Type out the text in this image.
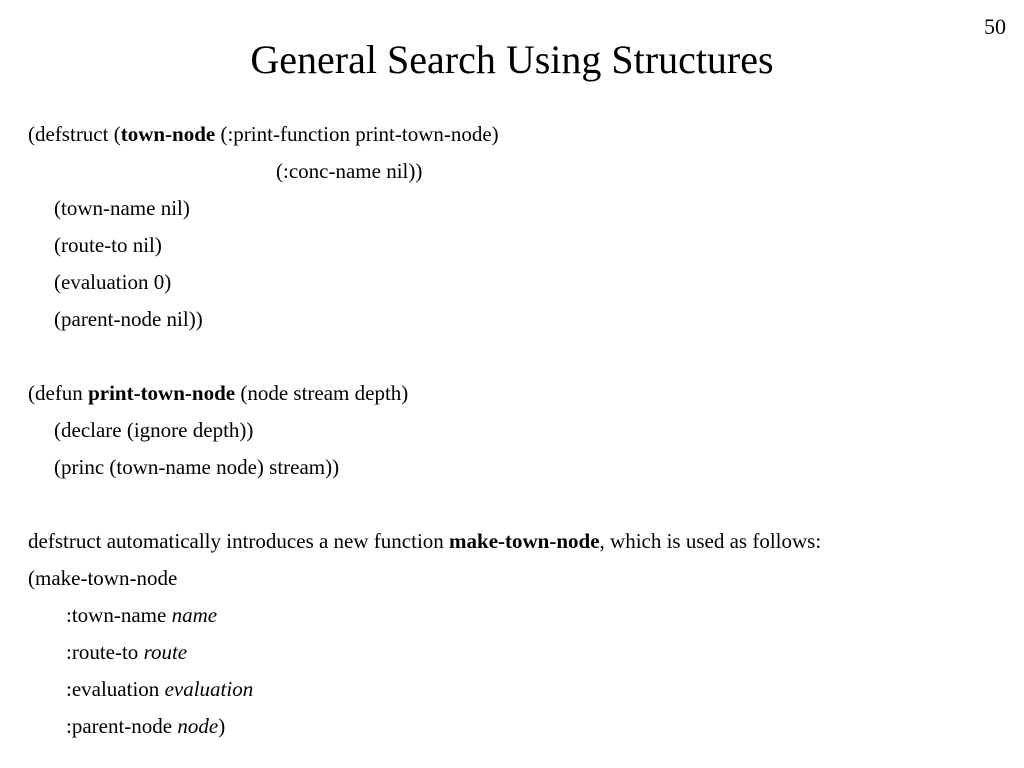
50
General Search Using Structures
(defstruct (town-node (:print-function print-town-node)
(:conc-name nil))
(town-name nil)
(route-to nil)
(evaluation 0)
(parent-node nil))
(defun print-town-node (node stream depth)
(declare (ignore depth))
(princ (town-name node) stream))
defstruct automatically introduces a new function make-town-node, which is used as follows:
(make-town-node
:town-name name
:route-to route
:evaluation evaluation
:parent-node node)
